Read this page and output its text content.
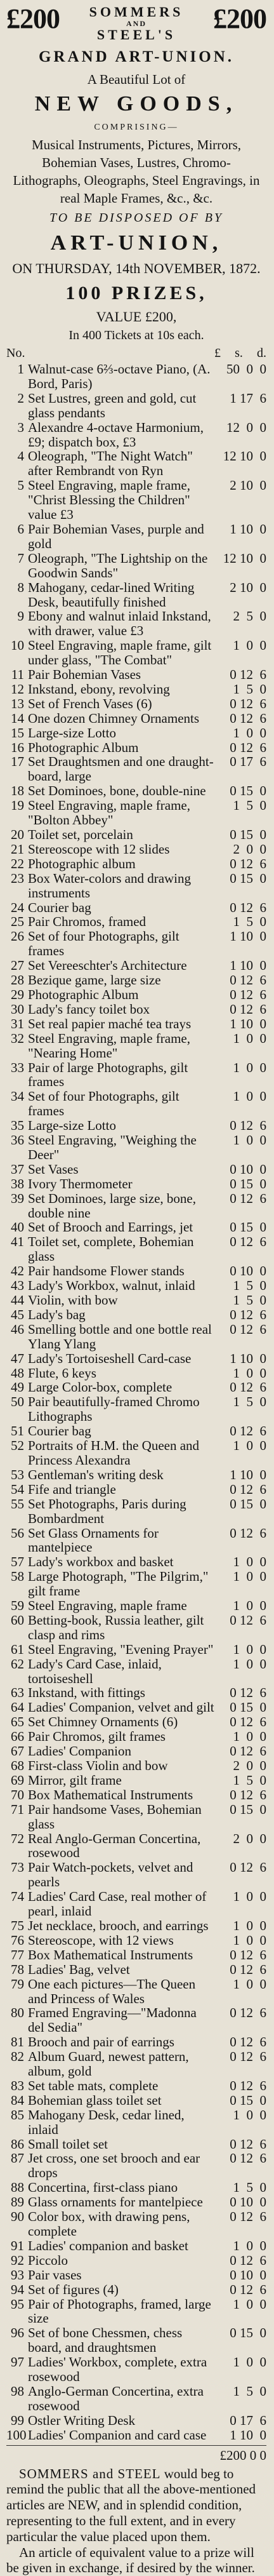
£200 SOMMERS
AND
STEEL'S
£200
GRAND ART-UNION.
A Beautiful Lot of
NEW GOODS,
COMPRISING—
Musical Instruments, Pictures, Mirrors, Bohemian Vases, Lustres, Chromo-Lithographs, Oleographs, Steel Engravings, in real Maple Frames, &c., &c.
TO BE DISPOSED OF BY
ART-UNION,
ON THURSDAY, 14th NOVEMBER, 1872.
100 PRIZES,
VALUE £200,
In 400 Tickets at 10s each.
No.	£ s. d.
1 Walnut-case 6⅔-octave Piano, (A. Bord, Paris)
50  0  0
2 Set Lustres, green and gold, cut glass pendants
1 17  6
3 Alexandre 4-octave Harmonium, £9; dispatch box, £3
12  0  0
4 Oleograph, "The Night Watch" after Rembrandt von Ryn
12 10  0
5 Steel Engraving, maple frame, "Christ Blessing the Children" value £3
2 10  0
6 Pair Bohemian Vases, purple and gold
1 10  0
7 Oleograph, "The Lightship on the Goodwin Sands"
12 10  0
8 Mahogany, cedar-lined Writing Desk, beautifully finished
2 10  0
9 Ebony and walnut inlaid Inkstand, with drawer, value £3
2  5  0
10 Steel Engraving, maple frame, gilt under glass, "The Combat"
1  0  0
11 Pair Bohemian Vases	0 12  6
12 Inkstand, ebony, revolving	1  5  0
13 Set of French Vases (6)	0 12  6
14 One dozen Chimney Ornaments	0 12  6
15 Large-size Lotto	1  0  0
16 Photographic Album	0 12  6
17 Set Draughtsmen and one draught-board, large
0 17  6
18 Set Dominoes, bone, double-nine	0 15  0
19 Steel Engraving, maple frame, "Bolton Abbey"
1  5  0
20 Toilet set, porcelain	0 15  0
21 Stereoscope with 12 slides	2  0  0
22 Photographic album	0 12  6
23 Box Water-colors and drawing instruments
0 15  0
24 Courier bag	0 12  6
25 Pair Chromos, framed	1  5  0
26 Set of four Photographs, gilt frames
1 10  0
27 Set Vereeschter's Architecture	1 10  0
28 Bezique game, large size	0 12  6
29 Photographic Album	0 12  6
30 Lady's fancy toilet box	0 12  6
31 Set real papier maché tea trays	1 10  0
32 Steel Engraving, maple frame, "Nearing Home"
1  0  0
33 Pair of large Photographs, gilt frames
1  0  0
34 Set of four Photographs, gilt frames
1  0  0
35 Large-size Lotto	0 12  6
36 Steel Engraving, "Weighing the Deer"
1  0  0
37 Set Vases	0 10  0
38 Ivory Thermometer	0 15  0
39 Set Dominoes, large size, bone, double nine
0 12  6
40 Set of Brooch and Earrings, jet	0 15  0
41 Toilet set, complete, Bohemian glass
0 12  6
42 Pair handsome Flower stands	0 10  0
43 Lady's Workbox, walnut, inlaid	1  5  0
44 Violin, with bow	1  5  0
45 Lady's bag	0 12  6
46 Smelling bottle and one bottle real Ylang Ylang
0 12  6
47 Lady's Tortoiseshell Card-case	1 10  0
48 Flute, 6 keys	1  0  0
49 Large Color-box, complete	0 12  6
50 Pair beautifully-framed Chromo Lithographs
1  5  0
51 Courier bag	0 12  6
52 Portraits of H.M. the Queen and Princess Alexandra
1  0  0
53 Gentleman's writing desk	1 10  0
54 Fife and triangle	0 12  6
55 Set Photographs, Paris during Bombardment
0 15  0
56 Set Glass Ornaments for mantelpiece
0 12  6
57 Lady's workbox and basket	1  0  0
58 Large Photograph, "The Pilgrim," gilt frame
1  0  0
59 Steel Engraving, maple frame	1  0  0
60 Betting-book, Russia leather, gilt clasp and rims
0 12  6
61 Steel Engraving, "Evening Prayer"	1  0  0
62 Lady's Card Case, inlaid, tortoiseshell
1  0  0
63 Inkstand, with fittings	0 12  6
64 Ladies' Companion, velvet and gilt	0 15  0
65 Set Chimney Ornaments (6)	0 12  6
66 Pair Chromos, gilt frames	1  0  0
67 Ladies' Companion	0 12  6
68 First-class Violin and bow	2  0  0
69 Mirror, gilt frame	1  5  0
70 Box Mathematical Instruments	0 12  6
71 Pair handsome Vases, Bohemian glass
0 15  0
72 Real Anglo-German Concertina, rosewood
2  0  0
73 Pair Watch-pockets, velvet and pearls
0 12  6
74 Ladies' Card Case, real mother of pearl, inlaid
1  0  0
75 Jet necklace, brooch, and earrings	1  0  0
76 Stereoscope, with 12 views	1  0  0
77 Box Mathematical Instruments	0 12  6
78 Ladies' Bag, velvet	0 12  6
79 One each pictures—The Queen and Princess of Wales
1  0  0
80 Framed Engraving—"Madonna del Sedia"
0 12  6
81 Brooch and pair of earrings	0 12  6
82 Album Guard, newest pattern, album, gold
0 12  6
83 Set table mats, complete	0 12  6
84 Bohemian glass toilet set	0 15  0
85 Mahogany Desk, cedar lined, inlaid
1  0  0
86 Small toilet set	0 12  6
87 Jet cross, one set brooch and ear drops
0 12  6
88 Concertina, first-class piano	1  5  0
89 Glass ornaments for mantelpiece	0 10  0
90 Color box, with drawing pens, complete
0 12  6
91 Ladies' companion and basket	1  0  0
92 Piccolo	0 12  6
93 Pair vases	0 10  0
94 Set of figures (4)	0 12  6
95 Pair of Photographs, framed, large size
1  0  0
96 Set of bone Chessmen, chess board, and draughtsmen
0 15  0
97 Ladies' Workbox, complete, extra rosewood
1  0  0
98 Anglo-German Concertina, extra rosewood
1  5  0
99 Ostler Writing Desk	0 17  6
100 Ladies' Companion and card case	1 10  0
£200 0 0
SOMMERS and STEEL would beg to remind the public that all the above-mentioned articles are NEW, and in splendid condition, representing to the full extent, and in every particular the value placed upon them.
An article of equivalent value to a prize will be given in exchange, if desired by the winner.
